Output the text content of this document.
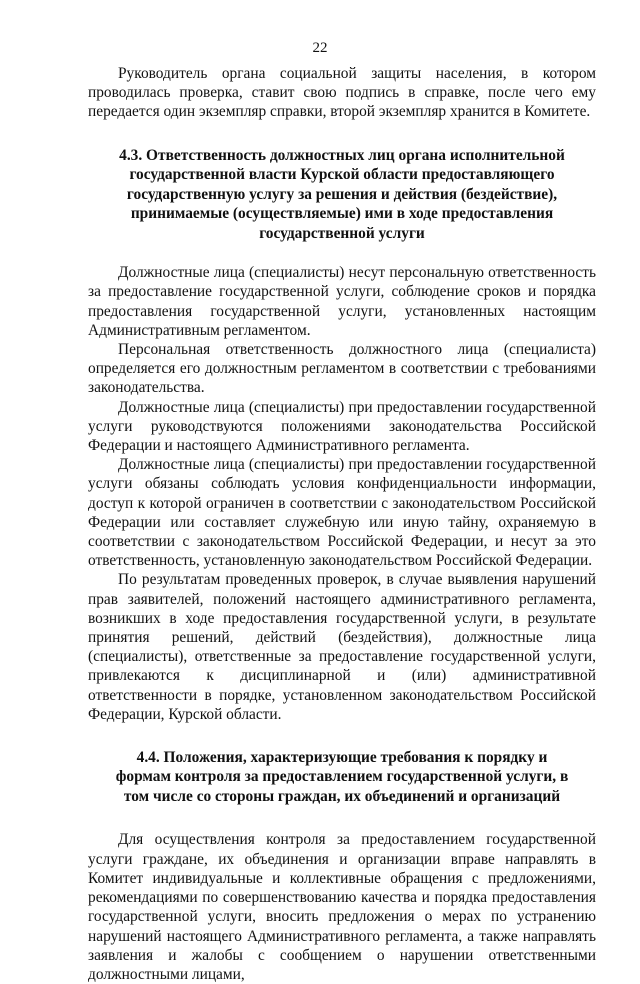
22

Руководитель органа социальной защиты населения, в котором проводилась проверка, ставит свою подпись в справке, после чего ему передается один экземпляр справки, второй экземпляр хранится в Комитете.

4.3. Ответственность должностных лиц органа исполнительной государственной власти Курской области предоставляющего государственную услугу за решения и действия (бездействие), принимаемые (осуществляемые) ими в ходе предоставления государственной услуги

Должностные лица (специалисты) несут персональную ответственность за предоставление государственной услуги, соблюдение сроков и порядка предоставления государственной услуги, установленных настоящим Административным регламентом.

Персональная ответственность должностного лица (специалиста) определяется его должностным регламентом в соответствии с требованиями законодательства.

Должностные лица (специалисты) при предоставлении государственной услуги руководствуются положениями законодательства Российской Федерации и настоящего Административного регламента.

Должностные лица (специалисты) при предоставлении государственной услуги обязаны соблюдать условия конфиденциальности информации, доступ к которой ограничен в соответствии с законодательством Российской Федерации или составляет служебную или иную тайну, охраняемую в соответствии с законодательством Российской Федерации, и несут за это ответственность, установленную законодательством Российской Федерации.

По результатам проведенных проверок, в случае выявления нарушений прав заявителей, положений настоящего административного регламента, возникших в ходе предоставления государственной услуги, в результате принятия решений, действий (бездействия), должностные лица (специалисты), ответственные за предоставление государственной услуги, привлекаются к дисциплинарной и (или) административной ответственности в порядке, установленном законодательством Российской Федерации, Курской области.

4.4. Положения, характеризующие требования к порядку и формам контроля за предоставлением государственной услуги, в том числе со стороны граждан, их объединений и организаций

Для осуществления контроля за предоставлением государственной услуги граждане, их объединения и организации вправе направлять в Комитет индивидуальные и коллективные обращения с предложениями, рекомендациями по совершенствованию качества и порядка предоставления государственной услуги, вносить предложения о мерах по устранению нарушений настоящего Административного регламента, а также направлять заявления и жалобы с сообщением о нарушении ответственными должностными лицами,
